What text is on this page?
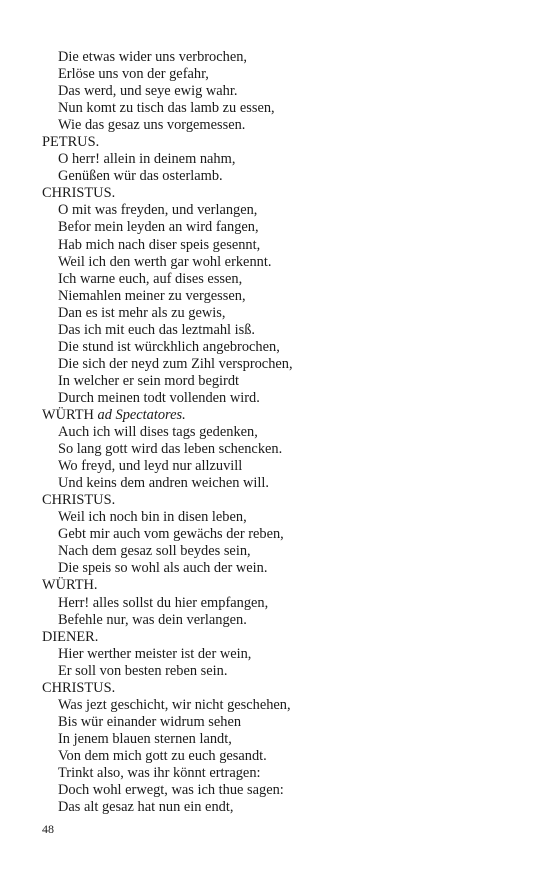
Die etwas wider uns verbrochen,
Erlöse uns von der gefahr,
Das werd, und seye ewig wahr.
Nun komt zu tisch das lamb zu essen,
Wie das gesaz uns vorgemessen.
PETRUS.
O herr! allein in deinem nahm,
Genüßen wür das osterlamb.
CHRISTUS.
O mit was freyden, und verlangen,
Befor mein leyden an wird fangen,
Hab mich nach diser speis gesennt,
Weil ich den werth gar wohl erkennt.
Ich warne euch, auf dises essen,
Niemahlen meiner zu vergessen,
Dan es ist mehr als zu gewis,
Das ich mit euch das leztmahl isß.
Die stund ist würckhlich angebrochen,
Die sich der neyd zum Zihl versprochen,
In welcher er sein mord begirdt
Durch meinen todt vollenden wird.
WÜRTH ad Spectatores.
Auch ich will dises tags gedenken,
So lang gott wird das leben schencken.
Wo freyd, und leyd nur allzuvill
Und keins dem andren weichen will.
CHRISTUS.
Weil ich noch bin in disen leben,
Gebt mir auch vom gewächs der reben,
Nach dem gesaz soll beydes sein,
Die speis so wohl als auch der wein.
WÜRTH.
Herr! alles sollst du hier empfangen,
Befehle nur, was dein verlangen.
DIENER.
Hier werther meister ist der wein,
Er soll von besten reben sein.
CHRISTUS.
Was jezt geschicht, wir nicht geschehen,
Bis wür einander widrum sehen
In jenem blauen sternen landt,
Von dem mich gott zu euch gesandt.
Trinkt also, was ihr könnt ertragen:
Doch wohl erwegt, was ich thue sagen:
Das alt gesaz hat nun ein endt,
48
